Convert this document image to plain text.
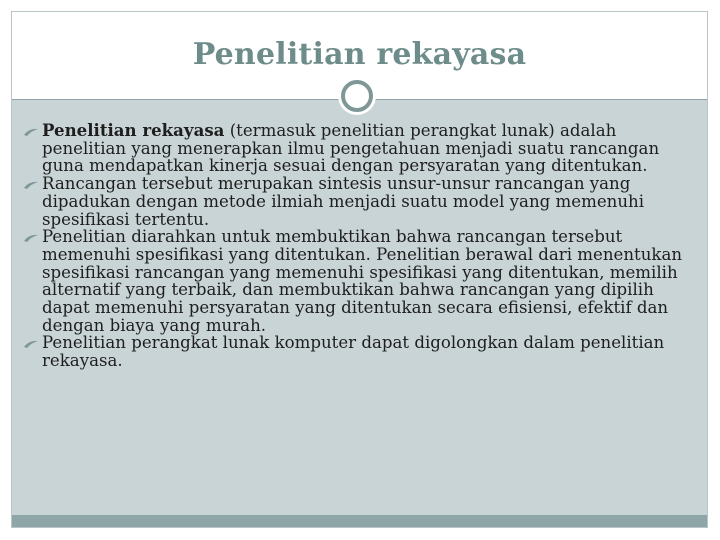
Penelitian rekayasa
Penelitian rekayasa (termasuk penelitian perangkat lunak) adalah penelitian yang menerapkan ilmu pengetahuan menjadi suatu rancangan guna mendapatkan kinerja sesuai dengan persyaratan yang ditentukan.
Rancangan tersebut merupakan sintesis unsur-unsur rancangan yang dipadukan dengan metode ilmiah menjadi suatu model yang memenuhi spesifikasi tertentu.
Penelitian diarahkan untuk membuktikan bahwa rancangan tersebut memenuhi spesifikasi yang ditentukan. Penelitian berawal dari menentukan spesifikasi rancangan yang memenuhi spesifikasi yang ditentukan, memilih alternatif yang terbaik, dan membuktikan bahwa rancangan yang dipilih dapat memenuhi persyaratan yang ditentukan secara efisiensi, efektif dan dengan biaya yang murah.
Penelitian perangkat lunak komputer dapat digolongkan dalam penelitian rekayasa.
